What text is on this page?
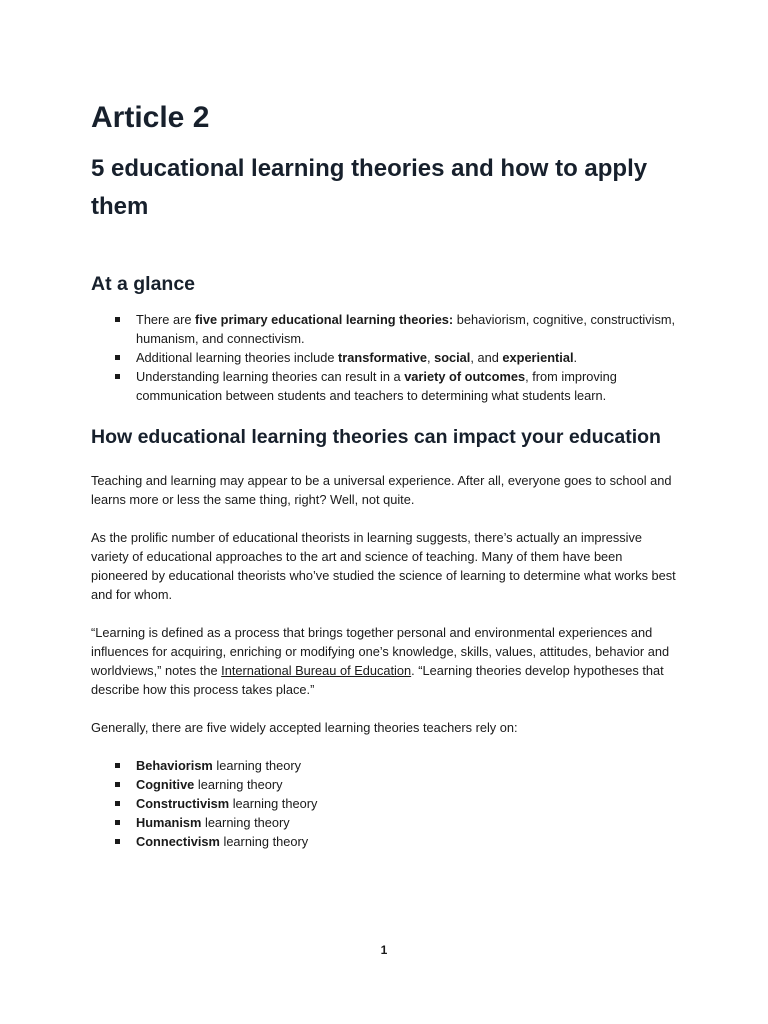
Article 2
5 educational learning theories and how to apply them
At a glance
There are five primary educational learning theories: behaviorism, cognitive, constructivism, humanism, and connectivism.
Additional learning theories include transformative, social, and experiential.
Understanding learning theories can result in a variety of outcomes, from improving communication between students and teachers to determining what students learn.
How educational learning theories can impact your education

Teaching and learning may appear to be a universal experience. After all, everyone goes to school and learns more or less the same thing, right? Well, not quite.

As the prolific number of educational theorists in learning suggests, there’s actually an impressive variety of educational approaches to the art and science of teaching. Many of them have been pioneered by educational theorists who’ve studied the science of learning to determine what works best and for whom.

“Learning is defined as a process that brings together personal and environmental experiences and influences for acquiring, enriching or modifying one’s knowledge, skills, values, attitudes, behavior and worldviews,” notes the International Bureau of Education. “Learning theories develop hypotheses that describe how this process takes place.”

Generally, there are five widely accepted learning theories teachers rely on:

Behaviorism learning theory
Cognitive learning theory
Constructivism learning theory
Humanism learning theory
Connectivism learning theory
1
